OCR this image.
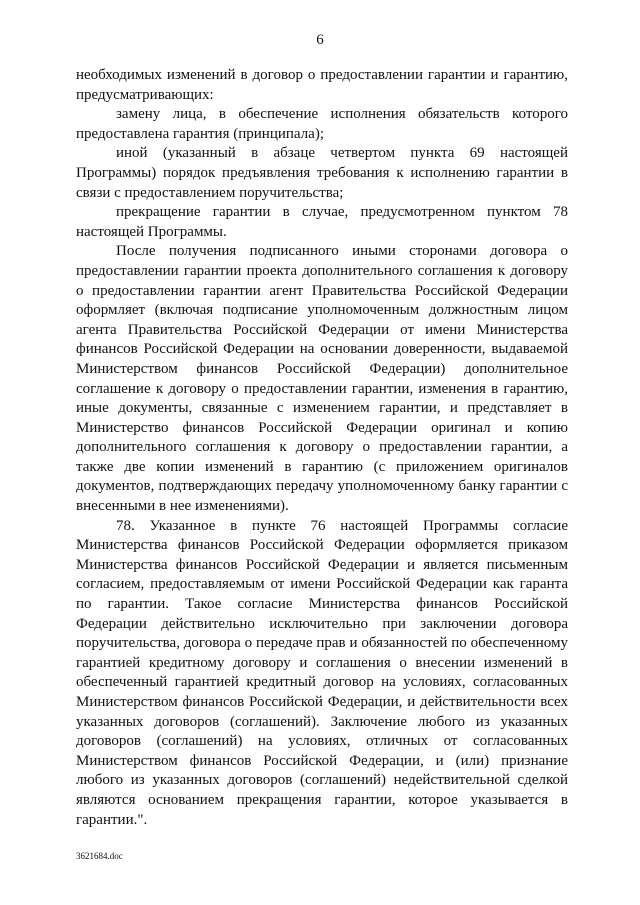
6

необходимых изменений в договор о предоставлении гарантии и гарантию, предусматривающих:

замену лица, в обеспечение исполнения обязательств которого предоставлена гарантия (принципала);

иной (указанный в абзаце четвертом пункта 69 настоящей Программы) порядок предъявления требования к исполнению гарантии в связи с предоставлением поручительства;

прекращение гарантии в случае, предусмотренном пунктом 78 настоящей Программы.

После получения подписанного иными сторонами договора о предоставлении гарантии проекта дополнительного соглашения к договору о предоставлении гарантии агент Правительства Российской Федерации оформляет (включая подписание уполномоченным должностным лицом агента Правительства Российской Федерации от имени Министерства финансов Российской Федерации на основании доверенности, выдаваемой Министерством финансов Российской Федерации) дополнительное соглашение к договору о предоставлении гарантии, изменения в гарантию, иные документы, связанные с изменением гарантии, и представляет в Министерство финансов Российской Федерации оригинал и копию дополнительного соглашения к договору о предоставлении гарантии, а также две копии изменений в гарантию (с приложением оригиналов документов, подтверждающих передачу уполномоченному банку гарантии с внесенными в нее изменениями).

78. Указанное в пункте 76 настоящей Программы согласие Министерства финансов Российской Федерации оформляется приказом Министерства финансов Российской Федерации и является письменным согласием, предоставляемым от имени Российской Федерации как гаранта по гарантии. Такое согласие Министерства финансов Российской Федерации действительно исключительно при заключении договора поручительства, договора о передаче прав и обязанностей по обеспеченному гарантией кредитному договору и соглашения о внесении изменений в обеспеченный гарантией кредитный договор на условиях, согласованных Министерством финансов Российской Федерации, и действительности всех указанных договоров (соглашений). Заключение любого из указанных договоров (соглашений) на условиях, отличных от согласованных Министерством финансов Российской Федерации, и (или) признание любого из указанных договоров (соглашений) недействительной сделкой являются основанием прекращения гарантии, которое указывается в гарантии.".

3621684.doc
